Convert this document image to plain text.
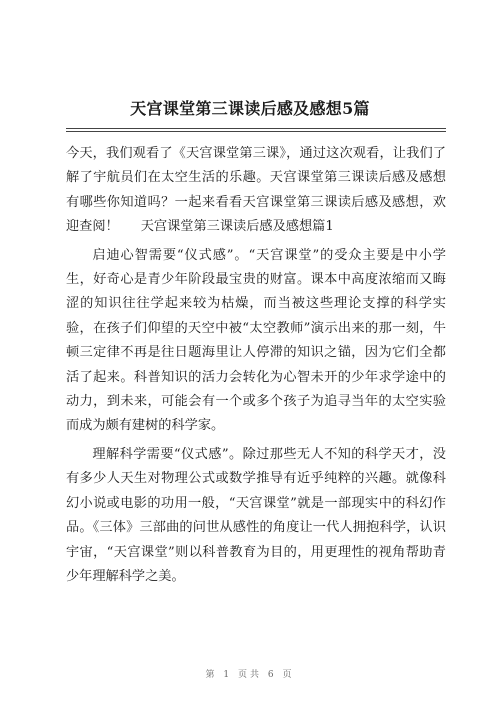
天宫课堂第三课读后感及感想5篇

今天，我们观看了《天宫课堂第三课》，通过这次观看，让我们了解了宇航员们在太空生活的乐趣。天宫课堂第三课读后感及感想有哪些你知道吗？一起来看看天宫课堂第三课读后感及感想，欢迎查阅！ 天宫课堂第三课读后感及感想篇1

启迪心智需要“仪式感”。“天宫课堂”的受众主要是中小学生，好奇心是青少年阶段最宝贵的财富。课本中高度浓缩而又晦涩的知识往往学起来较为枯燥，而当被这些理论支撑的科学实验，在孩子们仰望的天空中被“太空教师”演示出来的那一刻，牛顿三定律不再是往日题海里让人停滞的知识之锚，因为它们全都活了起来。科普知识的活力会转化为心智未开的少年求学途中的动力，到未来，可能会有一个或多个孩子为追寻当年的太空实验而成为颇有建树的科学家。

理解科学需要“仪式感”。除过那些无人不知的科学天才，没有多少人天生对物理公式或数学推导有近乎纯粹的兴趣。就像科幻小说或电影的功用一般，“天宫课堂”就是一部现实中的科幻作品。《三体》三部曲的问世从感性的角度让一代人拥抱科学，认识宇宙，“天宫课堂”则以科普教育为目的，用更理性的视角帮助青少年理解科学之美。

第 1 页共 6 页
